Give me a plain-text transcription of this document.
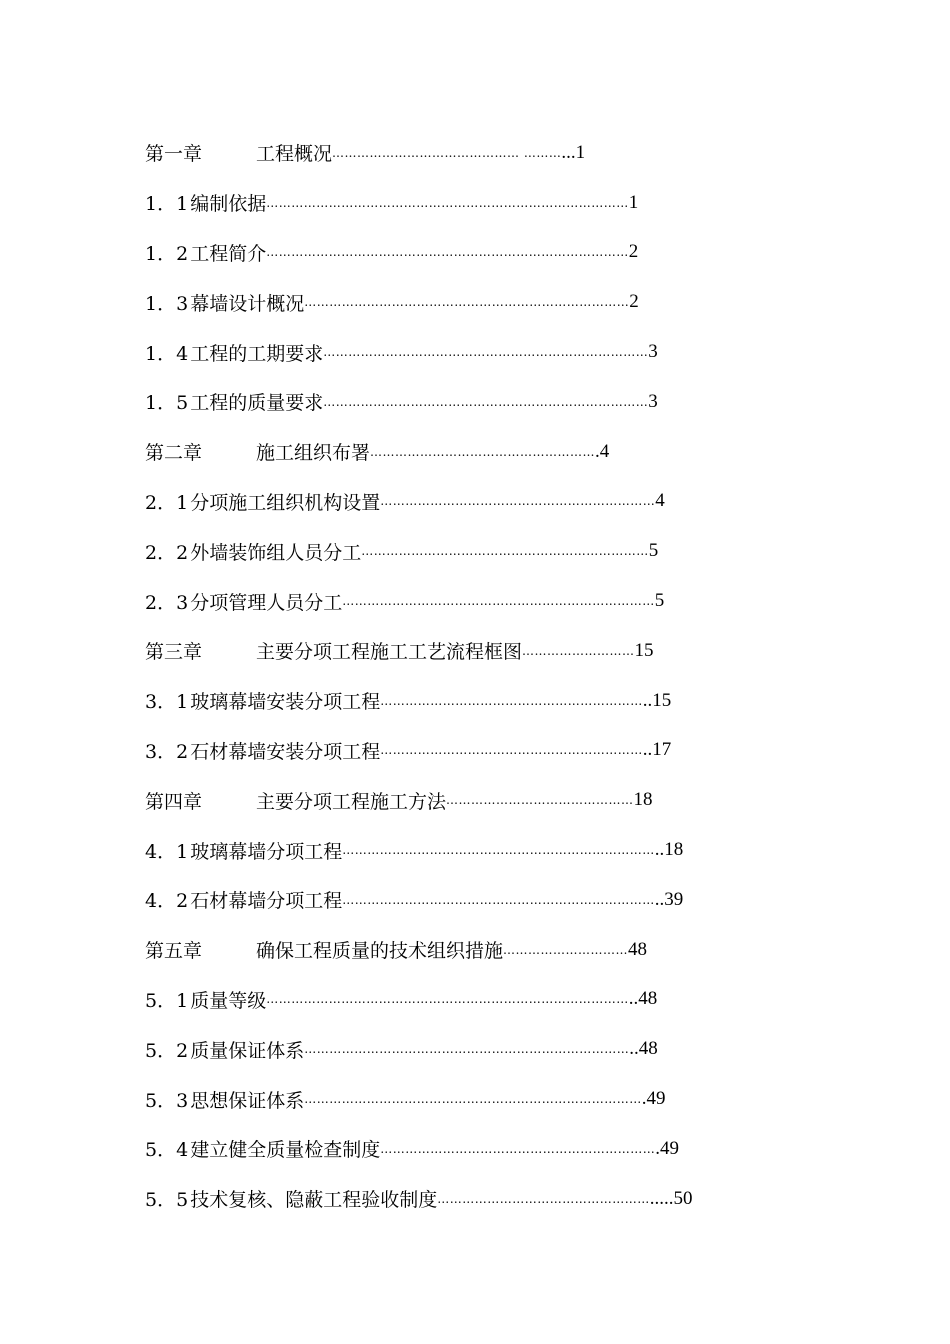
第一章	工程概况 ……………………………………… ……… ...1
1．1 编制依据 …………………………………………………………………………… 1
1．2 工程简介 …………………………………………………………………………… 2
1．3 幕墙设计概况 …………………………………………………………………… 2
1．4 工程的工期要求 …………………………………………………………………… 3
1．5 工程的质量要求 …………………………………………………………………… 3
第二章	施工组织布署 ……………………………………………… .4
2．1 分项施工组织机构设置 ………………………………………………………… 4
2．2 外墙装饰组人员分工 …………………………………………………………… 5
2．3 分项管理人员分工 ………………………………………………………………… 5
第三章	主要分项工程施工工艺流程框图 ……………………… 15
3．1 玻璃幕墙安装分项工程 ……………………………………………………… ..15
3．2 石材幕墙安装分项工程 ……………………………………………………… ..17
第四章	主要分项工程施工方法 ……………………………………… 18
4．1 玻璃幕墙分项工程 ………………………………………………………………… ..18
4．2 石材幕墙分项工程 ………………………………………………………………… ..39
第五章	确保工程质量的技术组织措施 ………………………… 48
5．1 质量等级 …………………………………………………………………………… ..48
5．2 质量保证体系 …………………………………………………………………… ..48
5．3 思想保证体系 ……………………………………………………………………… .49
5．4 建立健全质量检查制度 ………………………………………………………… .49
5．5 技术复核、隐蔽工程验收制度 …………………………………………… .....50
